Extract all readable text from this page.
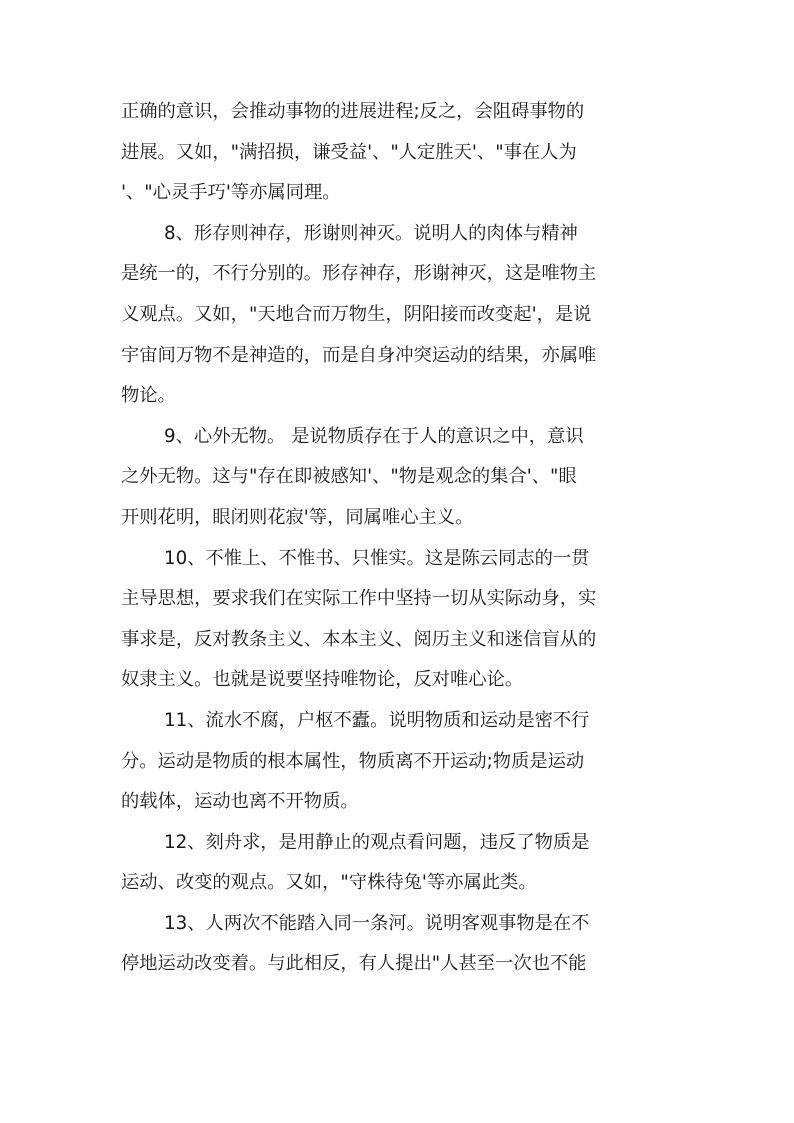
正确的意识，会推动事物的进展进程;反之，会阻碍事物的
进展。又如，"满招损，谦受益'、"人定胜天'、"事在人为
'、"心灵手巧'等亦属同理。

8、形存则神存，形谢则神灭。说明人的肉体与精神
是统一的，不行分别的。形存神存，形谢神灭，这是唯物主
义观点。又如，"天地合而万物生，阴阳接而改变起'，是说
宇宙间万物不是神造的，而是自身冲突运动的结果，亦属唯
物论。

9、心外无物。 是说物质存在于人的意识之中，意识
之外无物。这与"存在即被感知'、"物是观念的集合'、"眼
开则花明，眼闭则花寂'等，同属唯心主义。

10、不惟上、不惟书、只惟实。这是陈云同志的一贯
主导思想，要求我们在实际工作中坚持一切从实际动身，实
事求是，反对教条主义、本本主义、阅历主义和迷信盲从的
奴隶主义。也就是说要坚持唯物论，反对唯心论。

11、流水不腐，户枢不蠹。说明物质和运动是密不行
分。运动是物质的根本属性，物质离不开运动;物质是运动
的载体，运动也离不开物质。

12、刻舟求，是用静止的观点看问题，违反了物质是
运动、改变的观点。又如，"守株待兔'等亦属此类。

13、人两次不能踏入同一条河。说明客观事物是在不
停地运动改变着。与此相反，有人提出"人甚至一次也不能
